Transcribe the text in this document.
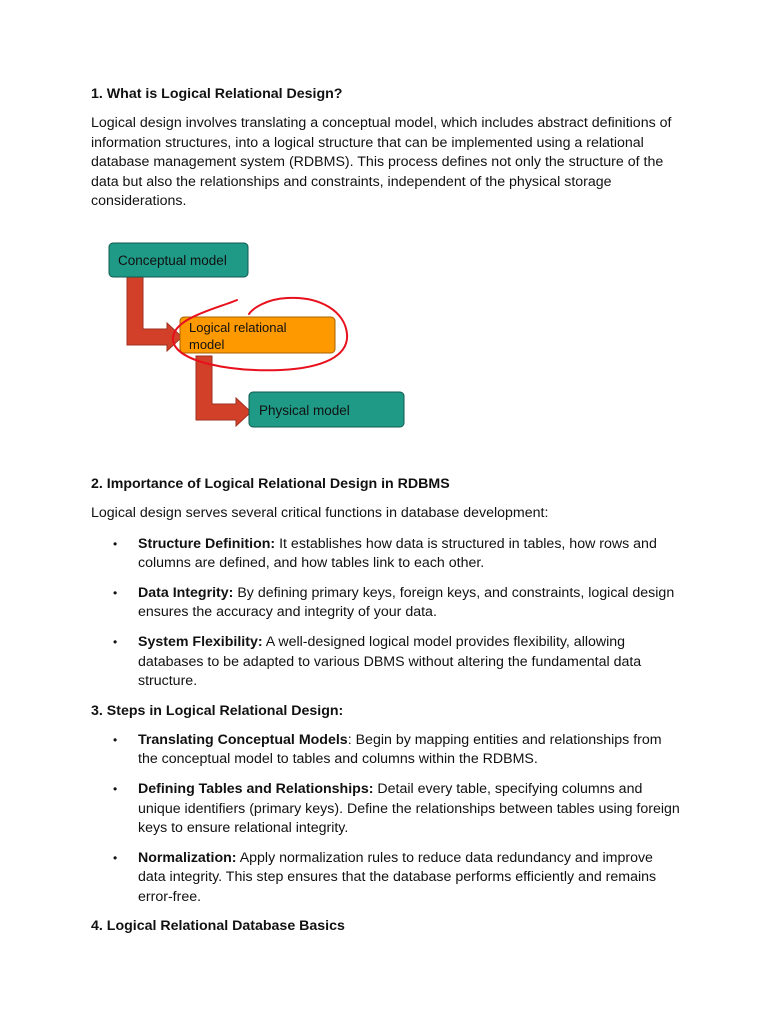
1. What is Logical Relational Design?

Logical design involves translating a conceptual model, which includes abstract definitions of information structures, into a logical structure that can be implemented using a relational database management system (RDBMS). This process defines not only the structure of the data but also the relationships and constraints, independent of the physical storage considerations.

Conceptual model
Logical relational
model
Physical model
2. Importance of Logical Relational Design in RDBMS

Logical design serves several critical functions in database development:

• Structure Definition: It establishes how data is structured in tables, how rows and columns are defined, and how tables link to each other.
• Data Integrity: By defining primary keys, foreign keys, and constraints, logical design ensures the accuracy and integrity of your data.
• System Flexibility: A well-designed logical model provides flexibility, allowing databases to be adapted to various DBMS without altering the fundamental data structure.
3. Steps in Logical Relational Design:
• Translating Conceptual Models: Begin by mapping entities and relationships from the conceptual model to tables and columns within the RDBMS.
• Defining Tables and Relationships: Detail every table, specifying columns and unique identifiers (primary keys). Define the relationships between tables using foreign keys to ensure relational integrity.
• Normalization: Apply normalization rules to reduce data redundancy and improve data integrity. This step ensures that the database performs efficiently and remains error-free.
4. Logical Relational Database Basics
